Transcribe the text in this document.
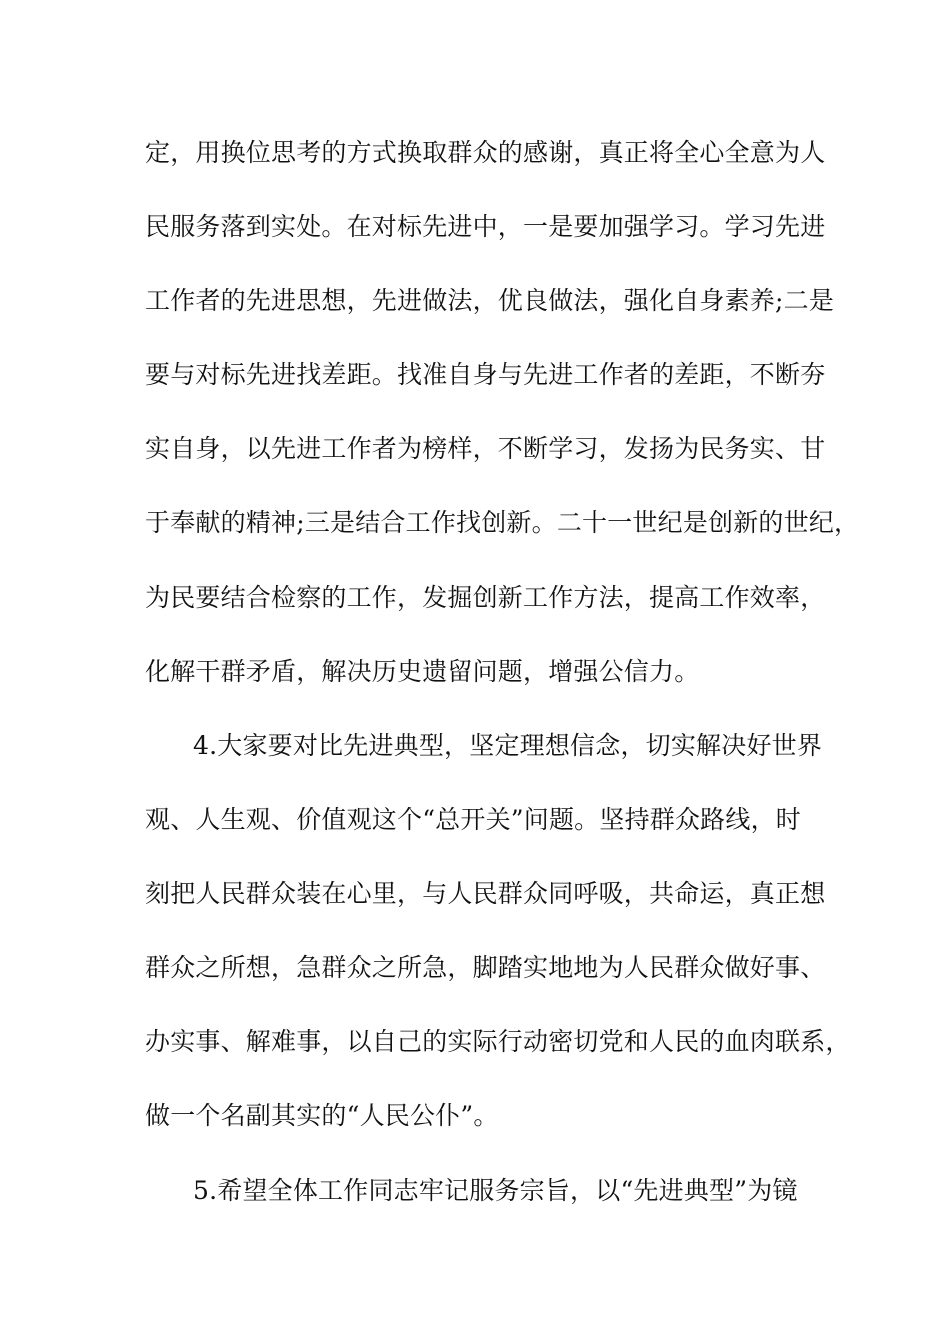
定，用换位思考的方式换取群众的感谢，真正将全心全意为人
民服务落到实处。在对标先进中，一是要加强学习。学习先进
工作者的先进思想，先进做法，优良做法，强化自身素养;二是
要与对标先进找差距。找准自身与先进工作者的差距，不断夯
实自身，以先进工作者为榜样，不断学习，发扬为民务实、甘
于奉献的精神;三是结合工作找创新。二十一世纪是创新的世纪，
为民要结合检察的工作，发掘创新工作方法，提高工作效率，
化解干群矛盾，解决历史遗留问题，增强公信力。
4.大家要对比先进典型，坚定理想信念，切实解决好世界
观、人生观、价值观这个“总开关”问题。坚持群众路线，时
刻把人民群众装在心里，与人民群众同呼吸，共命运，真正想
群众之所想，急群众之所急，脚踏实地地为人民群众做好事、
办实事、解难事，以自己的实际行动密切党和人民的血肉联系，
做一个名副其实的“人民公仆”。
5.希望全体工作同志牢记服务宗旨，以“先进典型”为镜
